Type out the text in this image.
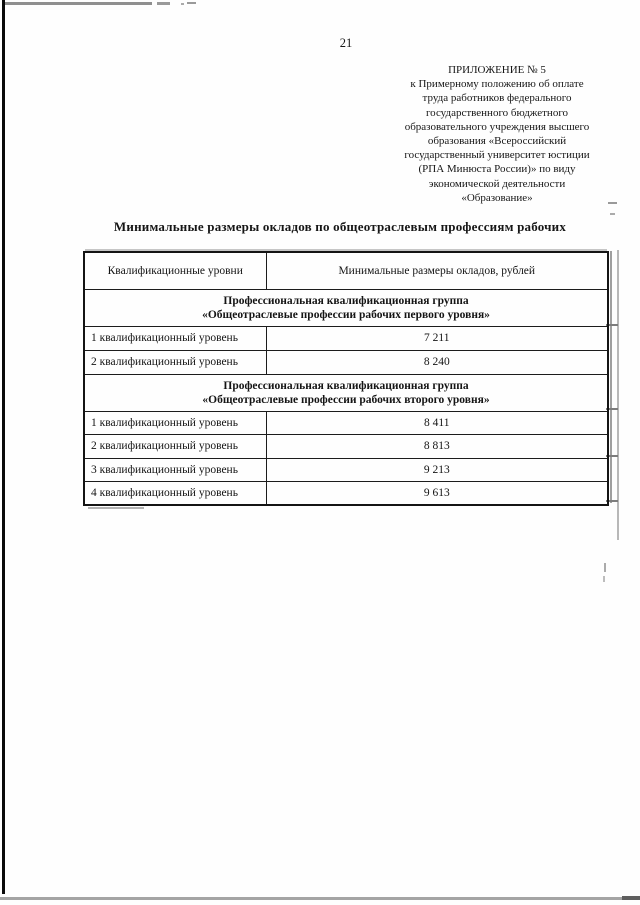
21
ПРИЛОЖЕНИЕ № 5
к Примерному положению об оплате
труда работников федерального
государственного бюджетного
образовательного учреждения высшего
образования «Всероссийский
государственный университет юстиции
(РПА Минюста России)» по виду
экономической деятельности
«Образование»
Минимальные размеры окладов по общеотраслевым профессиям рабочих
Квалификационные уровни	Минимальные размеры окладов, рублей
Профессиональная квалификационная группа
«Общеотраслевые профессии рабочих первого уровня»	
1 квалификационный уровень	7 211
2 квалификационный уровень	8 240
Профессиональная квалификационная группа
«Общеотраслевые профессии рабочих второго уровня»	
1 квалификационный уровень	8 411
2 квалификационный уровень	8 813
3 квалификационный уровень	9 213
4 квалификационный уровень	9 613
